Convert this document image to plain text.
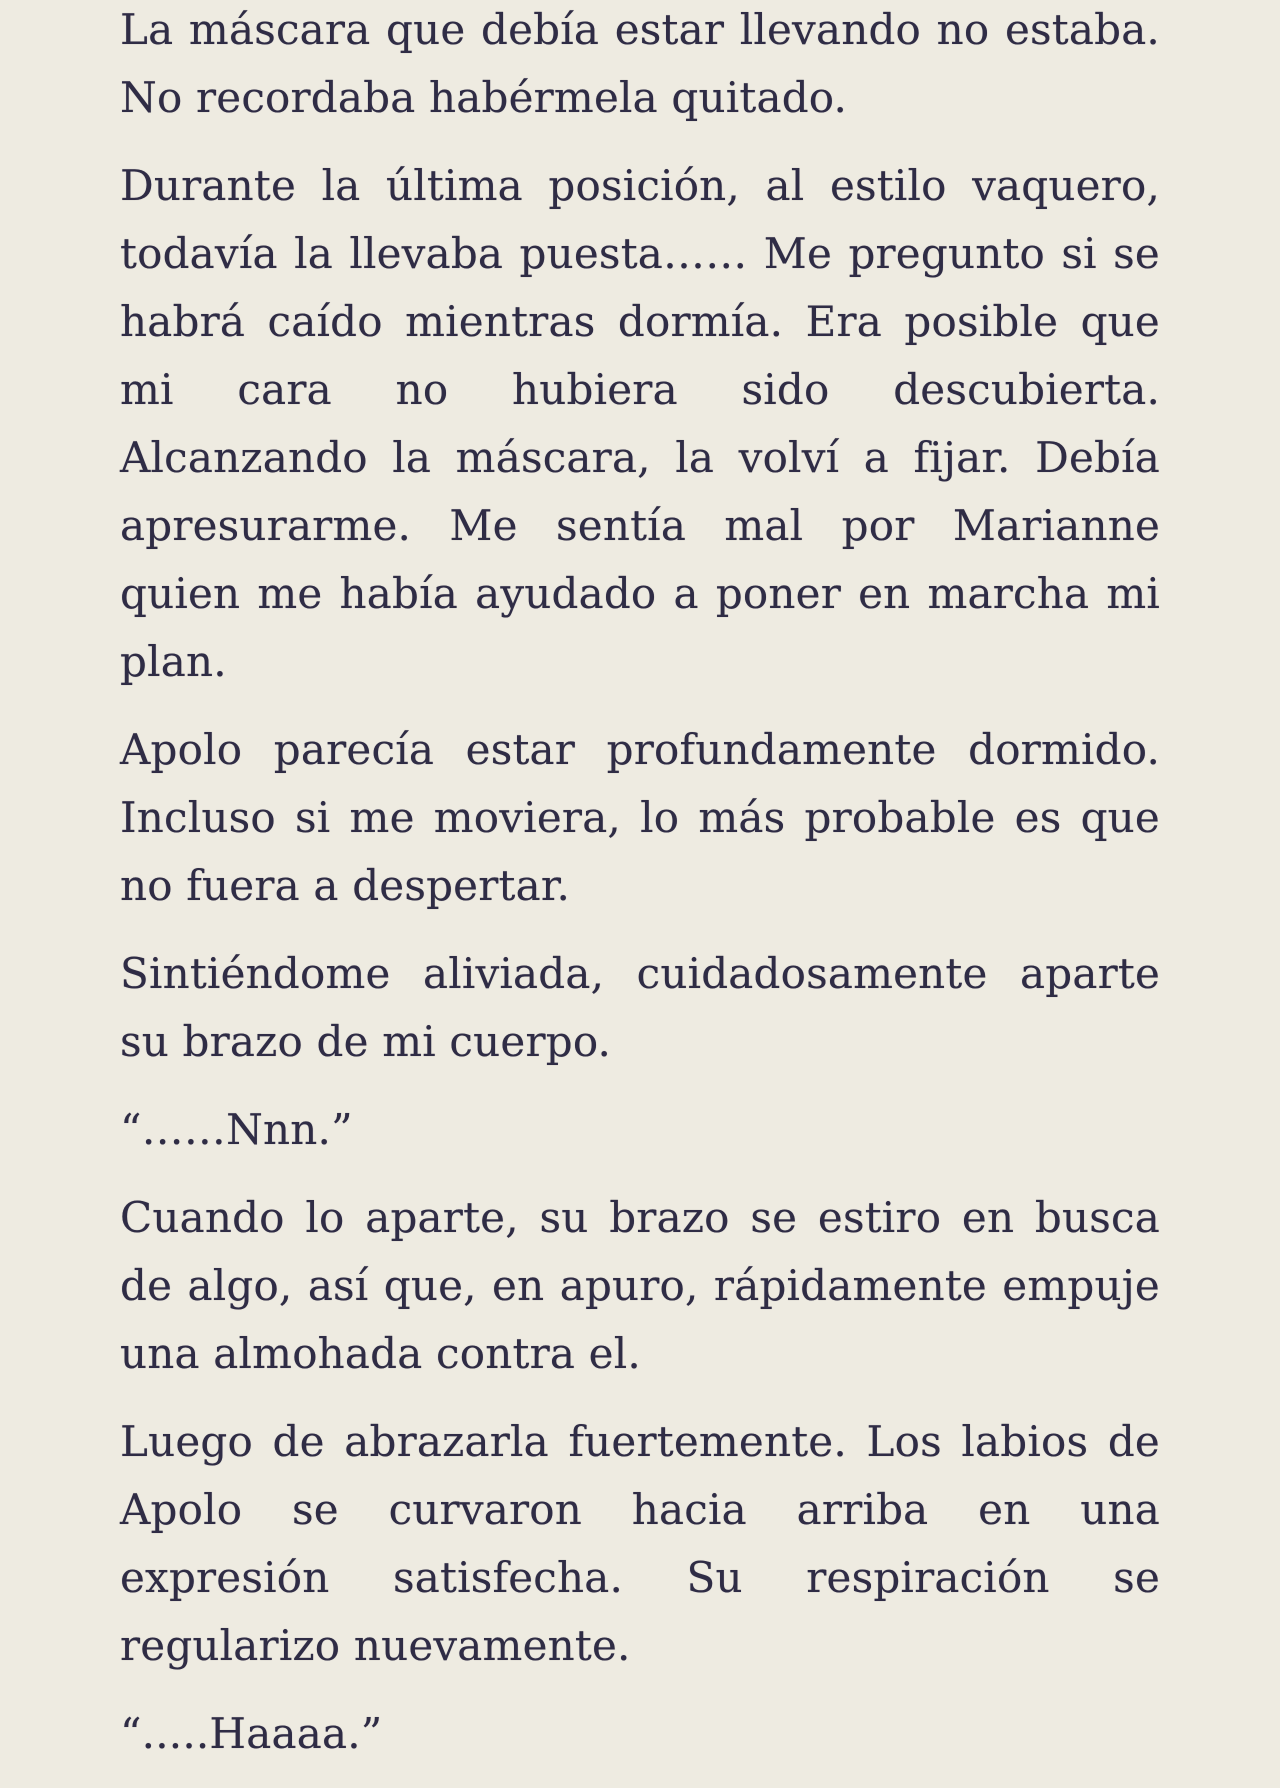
La máscara que debía estar llevando no estaba. No recordaba habérmela quitado.

Durante la última posición, al estilo vaquero, todavía la llevaba puesta…… Me pregunto si se habrá caído mientras dormía. Era posible que mi cara no hubiera sido descubierta. Alcanzando la máscara, la volví a fijar. Debía apresurarme. Me sentía mal por Marianne quien me había ayudado a poner en marcha mi plan.

Apolo parecía estar profundamente dormido. Incluso si me moviera, lo más probable es que no fuera a despertar.

Sintiéndome aliviada, cuidadosamente aparte su brazo de mi cuerpo.

“……Nnn.”

Cuando lo aparte, su brazo se estiro en busca de algo, así que, en apuro, rápidamente empuje una almohada contra el.

Luego de abrazarla fuertemente. Los labios de Apolo se curvaron hacia arriba en una expresión satisfecha. Su respiración se regularizo nuevamente.

“.....Haaaa.”
